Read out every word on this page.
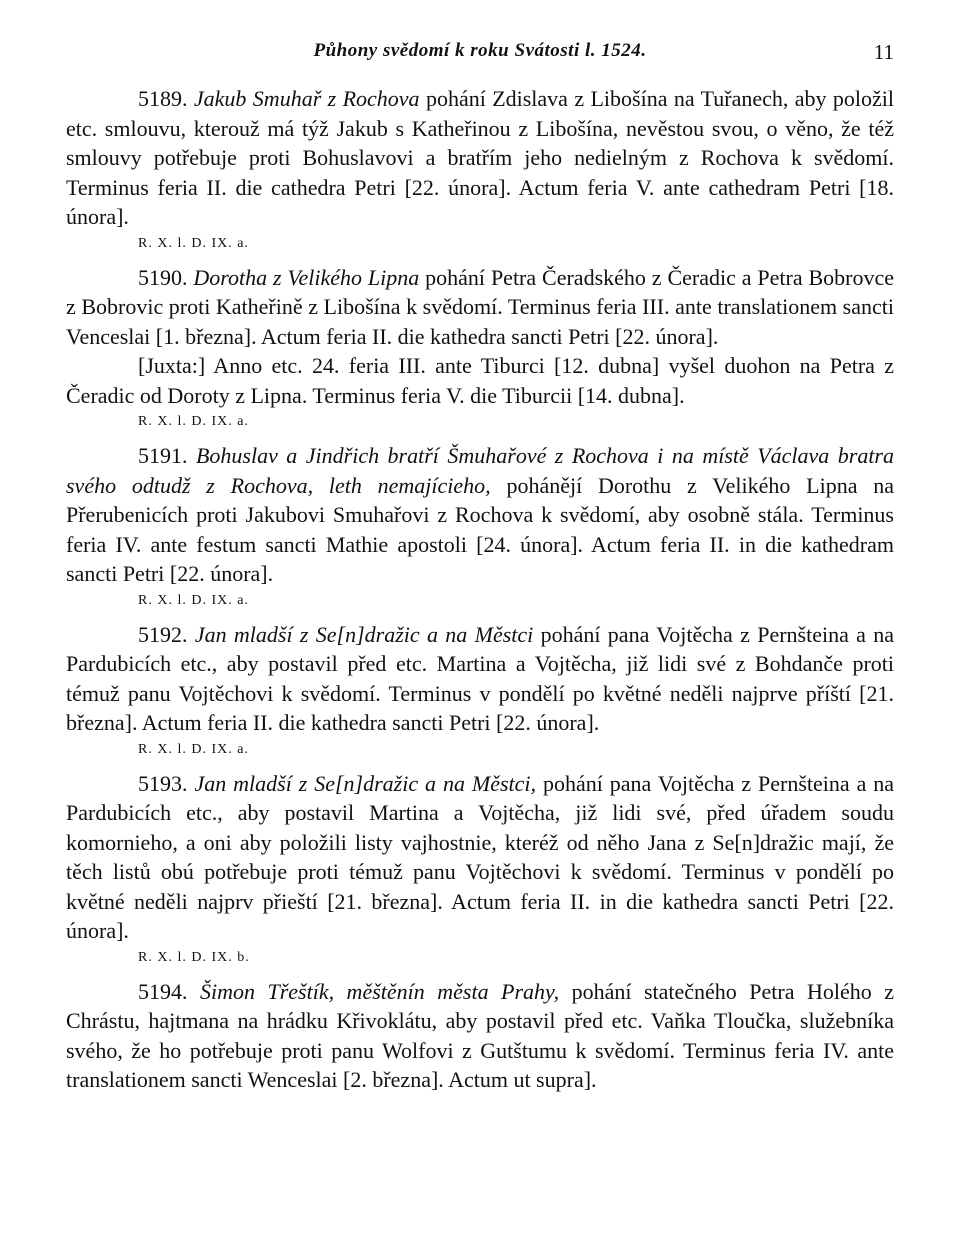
Půhony svědomí k roku Svátosti l. 1524.	11

5189. Jakub Smuhař z Rochova pohání Zdislava z Libošína na Tuřanech, aby položil etc. smlouvu, kterouž má týž Jakub s Katheřinou z Libošína, nevěstou svou, o věno, že též smlouvy potřebuje proti Bohuslavovi a bratřím jeho nedielným z Rochova k svědomí. Terminus feria II. die cathedra Petri [22. února]. Actum feria V. ante cathedram Petri [18. února].

R. X. l. D. IX. a.

5190. Dorotha z Velikého Lipna pohání Petra Čeradského z Čeradic a Petra Bobrovce z Bobrovic proti Katheřině z Libošína k svědomí. Terminus feria III. ante translationem sancti Venceslai [1. března]. Actum feria II. die kathedra sancti Petri [22. února].

[Juxta:] Anno etc. 24. feria III. ante Tiburci [12. dubna] vyšel duohon na Petra z Čeradic od Doroty z Lipna. Terminus feria V. die Tiburcii [14. dubna].

R. X. l. D. IX. a.

5191. Bohuslav a Jindřich bratří Šmuhařové z Rochova i na místě Václava bratra svého odtudž z Rochova, leth nemajícieho, pohánějí Dorothu z Velikého Lipna na Přerubenicích proti Jakubovi Smuhařovi z Rochova k svědomí, aby osobně stála. Terminus feria IV. ante festum sancti Mathie apostoli [24. února]. Actum feria II. in die kathedram sancti Petri [22. února].

R. X. l. D. IX. a.

5192. Jan mladší z Se[n]dražic a na Městci pohání pana Vojtěcha z Pernšteina a na Pardubicích etc., aby postavil před etc. Martina a Vojtěcha, již lidi své z Bohdanče proti témuž panu Vojtěchovi k svědomí. Terminus v pondělí po květné neděli najprve příští [21. března]. Actum feria II. die kathedra sancti Petri [22. února].

R. X. l. D. IX. a.

5193. Jan mladší z Se[n]dražic a na Městci, pohání pana Vojtěcha z Pernšteina a na Pardubicích etc., aby postavil Martina a Vojtěcha, již lidi své, před úřadem soudu komornieho, a oni aby položili listy vajhostnie, kteréž od něho Jana z Se[n]dražic mají, že těch listů obú potřebuje proti témuž panu Vojtěchovi k svědomí. Terminus v pondělí po květné neděli najprv přieští [21. března]. Actum feria II. in die kathedra sancti Petri [22. února].

R. X. l. D. IX. b.

5194. Šimon Třeštík, měštěnín města Prahy, pohání statečného Petra Holého z Chrástu, hajtmana na hrádku Křivoklátu, aby postavil před etc. Vaňka Tloučka, služebníka svého, že ho potřebuje proti panu Wolfovi z Gutštumu k svědomí. Terminus feria IV. ante translationem sancti Wenceslai [2. března]. Actum ut supra].
